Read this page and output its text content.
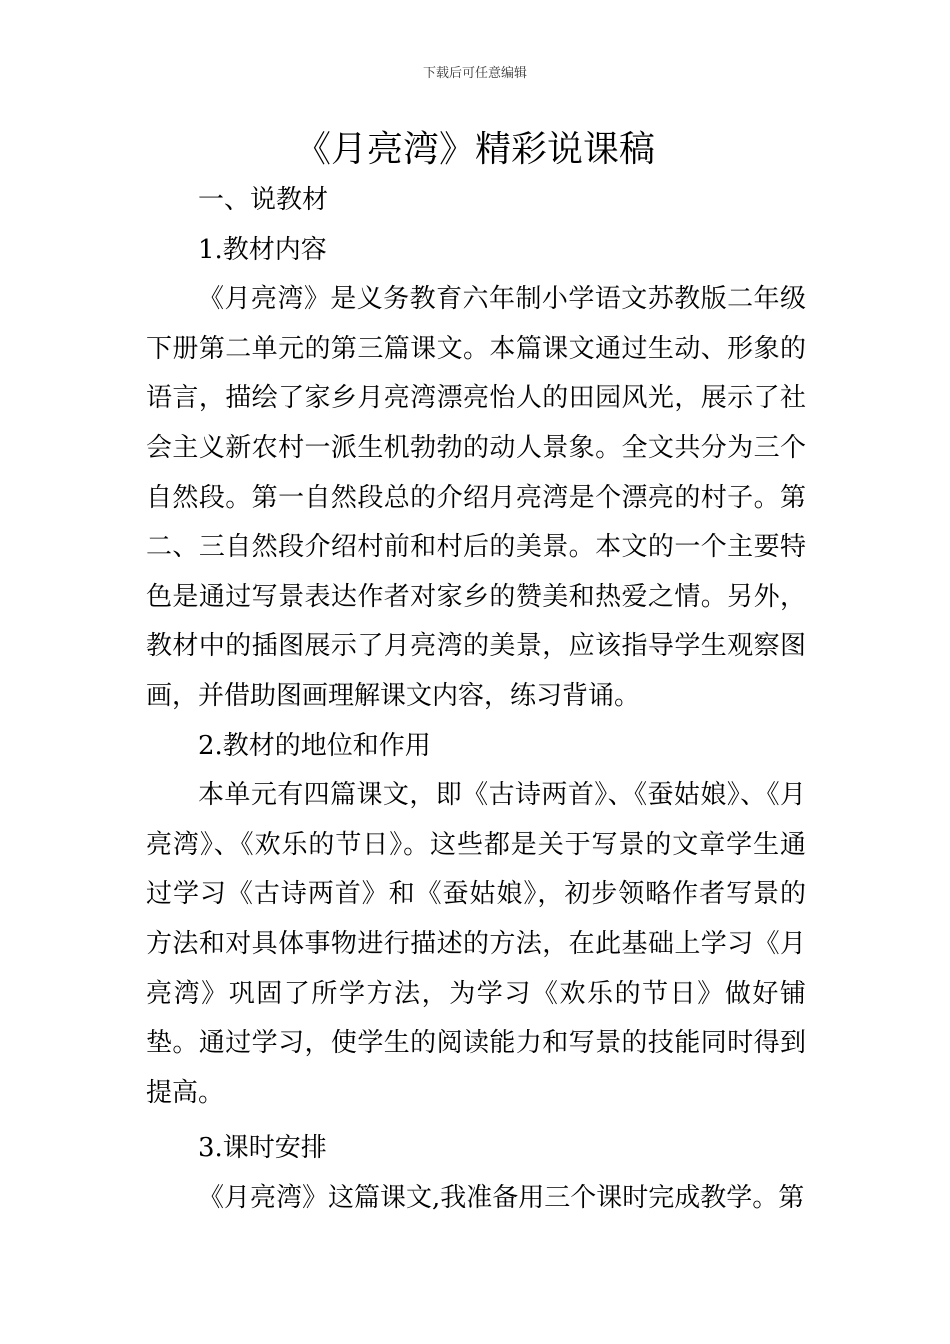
下载后可任意编辑
《月亮湾》精彩说课稿

一、说教材

1.教材内容

《月亮湾》是义务教育六年制小学语文苏教版二年级下册第二单元的第三篇课文。本篇课文通过生动、形象的语言，描绘了家乡月亮湾漂亮怡人的田园风光，展示了社会主义新农村一派生机勃勃的动人景象。全文共分为三个自然段。第一自然段总的介绍月亮湾是个漂亮的村子。第二、三自然段介绍村前和村后的美景。本文的一个主要特色是通过写景表达作者对家乡的赞美和热爱之情。另外，教材中的插图展示了月亮湾的美景，应该指导学生观察图画，并借助图画理解课文内容，练习背诵。

2.教材的地位和作用

本单元有四篇课文，即《古诗两首》、《蚕姑娘》、《月亮湾》、《欢乐的节日》。这些都是关于写景的文章学生通过学习《古诗两首》和《蚕姑娘》，初步领略作者写景的方法和对具体事物进行描述的方法，在此基础上学习《月亮湾》巩固了所学方法，为学习《欢乐的节日》做好铺垫。通过学习，使学生的阅读能力和写景的技能同时得到提高。

3.课时安排

《月亮湾》这篇课文,我准备用三个课时完成教学。第
